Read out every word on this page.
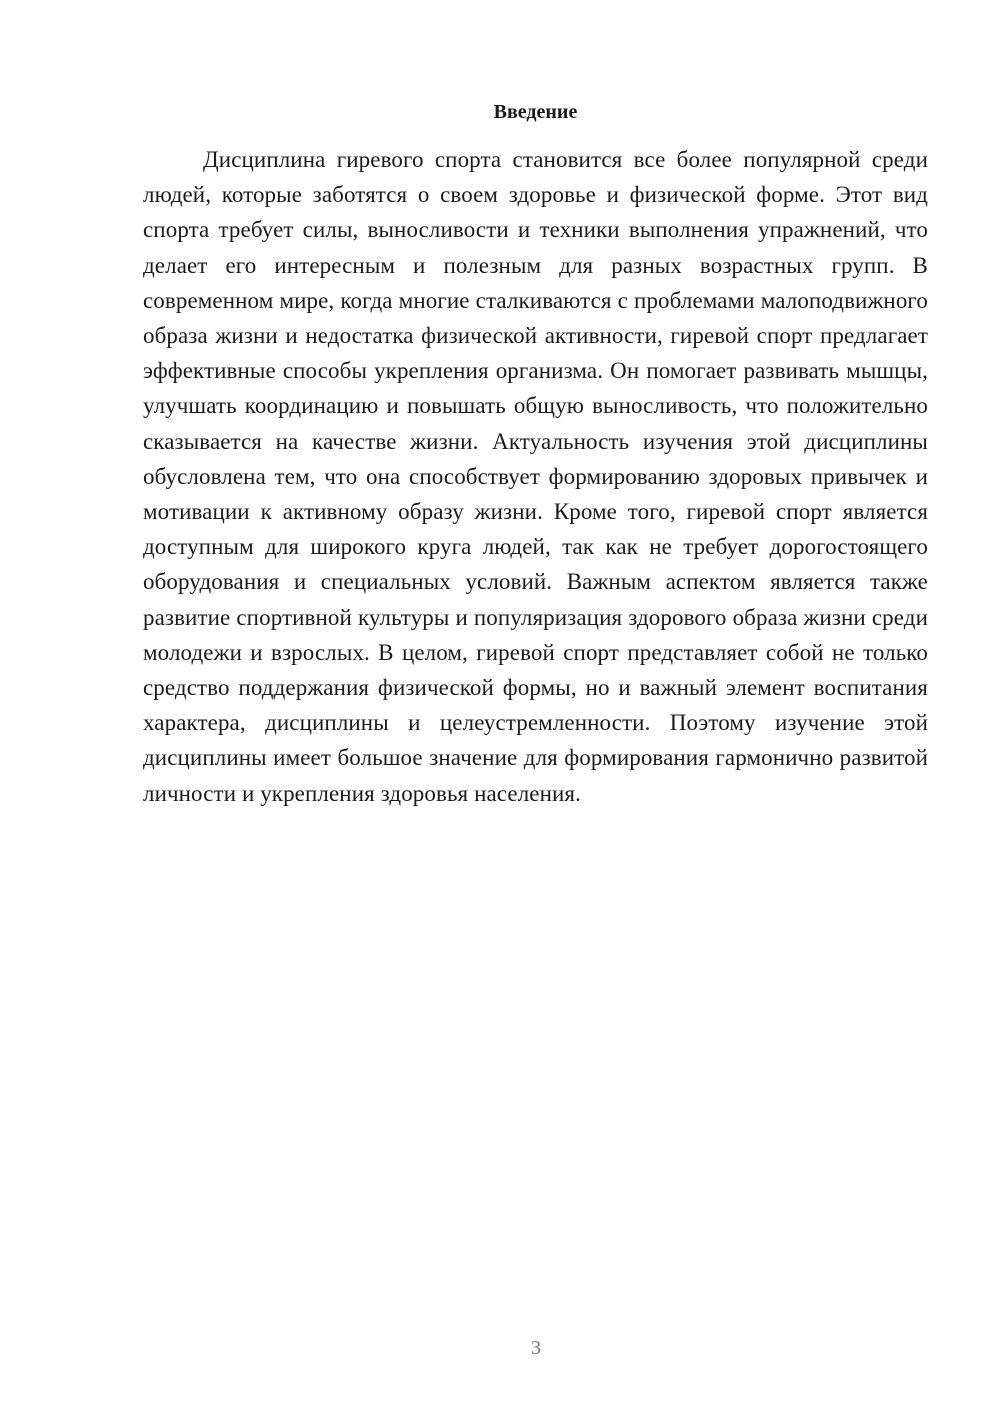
Введение

Дисциплина гиревого спорта становится все более популярной среди людей, которые заботятся о своем здоровье и физической форме. Этот вид спорта требует силы, выносливости и техники выполнения упражнений, что делает его интересным и полезным для разных возрастных групп. В современном мире, когда многие сталкиваются с проблемами малоподвижного образа жизни и недостатка физической активности, гиревой спорт предлагает эффективные способы укрепления организма. Он помогает развивать мышцы, улучшать координацию и повышать общую выносливость, что положительно сказывается на качестве жизни. Актуальность изучения этой дисциплины обусловлена тем, что она способствует формированию здоровых привычек и мотивации к активному образу жизни. Кроме того, гиревой спорт является доступным для широкого круга людей, так как не требует дорогостоящего оборудования и специальных условий. Важным аспектом является также развитие спортивной культуры и популяризация здорового образа жизни среди молодежи и взрослых. В целом, гиревой спорт представляет собой не только средство поддержания физической формы, но и важный элемент воспитания характера, дисциплины и целеустремленности. Поэтому изучение этой дисциплины имеет большое значение для формирования гармонично развитой личности и укрепления здоровья населения.

3
